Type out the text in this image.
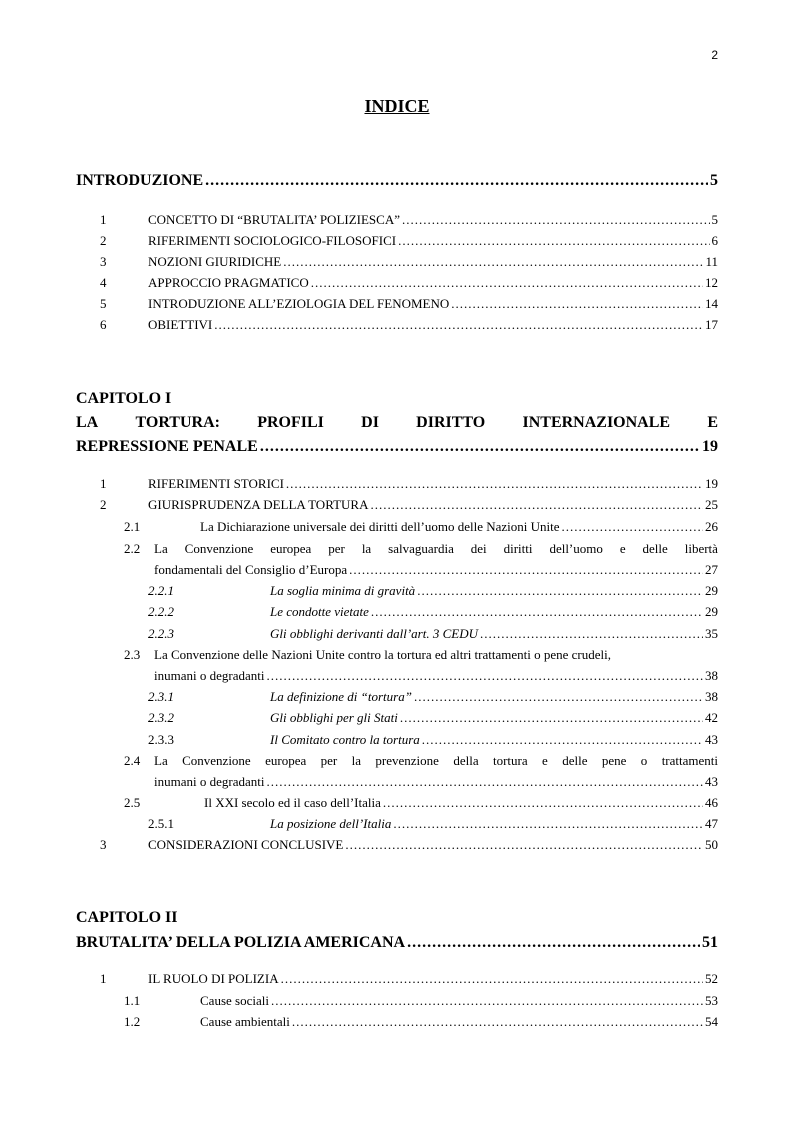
2
INDICE
INTRODUZIONE .....	5
1	CONCETTO DI “BRUTALITA’ POLIZIESCA” .....	5
2	RIFERIMENTI SOCIOLOGICO-FILOSOFICI .....	6
3	NOZIONI GIURIDICHE .....	11
4	APPROCCIO PRAGMATICO .....	12
5	INTRODUZIONE ALL’EZIOLOGIA DEL FENOMENO .....	14
6	OBIETTIVI .....	17
CAPITOLO I
LA TORTURA: PROFILI DI DIRITTO INTERNAZIONALE E
REPRESSIONE PENALE .....	19
1	RIFERIMENTI STORICI .....	19
2	GIURISPRUDENZA DELLA TORTURA .....	25
2.1	La Dichiarazione universale dei diritti dell’uomo delle Nazioni Unite .....	26
2.2 La Convenzione europea per la salvaguardia dei diritti dell’uomo e delle libertà
fondamentali del Consiglio d’Europa .....	27
2.2.1	La soglia minima di gravità .....	29
2.2.2	Le condotte vietate .....	29
2.2.3	Gli obblighi derivanti dall’art. 3 CEDU .....	35
2.3 La Convenzione delle Nazioni Unite contro la tortura ed altri trattamenti o pene crudeli,
inumani o degradanti .....	38
2.3.1	La definizione di “tortura” .....	38
2.3.2	Gli obblighi per gli Stati .....	42
2.3.3	Il Comitato contro la tortura .....	43
2.4 La Convenzione europea per la prevenzione della tortura e delle pene o trattamenti
inumani o degradanti .....	43
2.5	Il XXI secolo ed il caso dell’Italia .....	46
2.5.1	La posizione dell’Italia .....	47
3	CONSIDERAZIONI CONCLUSIVE .....	50
CAPITOLO II
BRUTALITA’ DELLA POLIZIA AMERICANA .....	51
1	IL RUOLO DI POLIZIA .....	52
1.1	Cause sociali .....	53
1.2	Cause ambientali .....	54
